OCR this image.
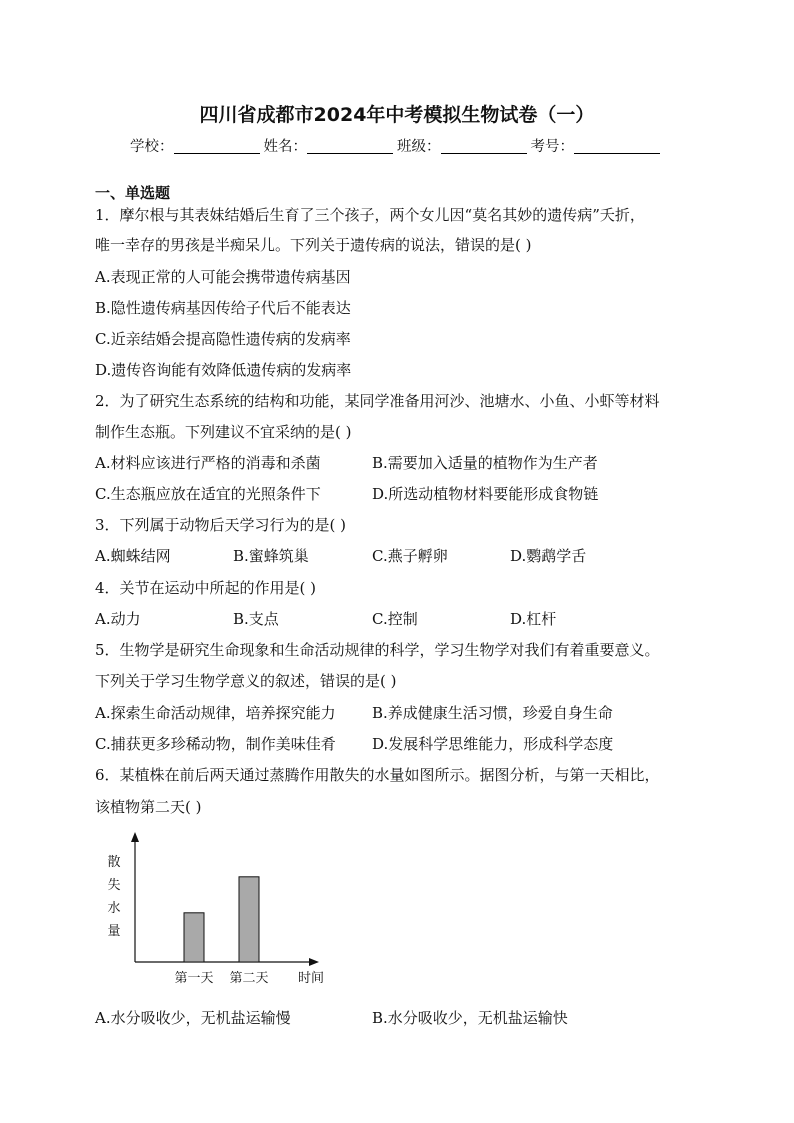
四川省成都市2024年中考模拟生物试卷（一）
学校：	姓名：	班级：	考号：
一、单选题
1．摩尔根与其表妹结婚后生育了三个孩子，两个女儿因“莫名其妙的遗传病”夭折，
唯一幸存的男孩是半痴呆儿。下列关于遗传病的说法，错误的是( )
A.表现正常的人可能会携带遗传病基因
B.隐性遗传病基因传给子代后不能表达
C.近亲结婚会提高隐性遗传病的发病率
D.遗传咨询能有效降低遗传病的发病率
2．为了研究生态系统的结构和功能，某同学准备用河沙、池塘水、小鱼、小虾等材料
制作生态瓶。下列建议不宜采纳的是( )
A.材料应该进行严格的消毒和杀菌	B.需要加入适量的植物作为生产者
C.生态瓶应放在适宜的光照条件下	D.所选动植物材料要能形成食物链
3．下列属于动物后天学习行为的是( )
A.蜘蛛结网	B.蜜蜂筑巢	C.燕子孵卵	D.鹦鹉学舌
4．关节在运动中所起的作用是( )
A.动力	B.支点	C.控制	D.杠杆
5．生物学是研究生命现象和生命活动规律的科学，学习生物学对我们有着重要意义。
下列关于学习生物学意义的叙述，错误的是( )
A.探索生命活动规律，培养探究能力 B.养成健康生活习惯，珍爱自身生命
C.捕获更多珍稀动物，制作美味佳肴 D.发展科学思维能力，形成科学态度
6．某植株在前后两天通过蒸腾作用散失的水量如图所示。据图分析，与第一天相比，
该植物第二天( )
散
失
水
量
第一天 第二天 时间
A.水分吸收少，无机盐运输慢	B.水分吸收少，无机盐运输快
